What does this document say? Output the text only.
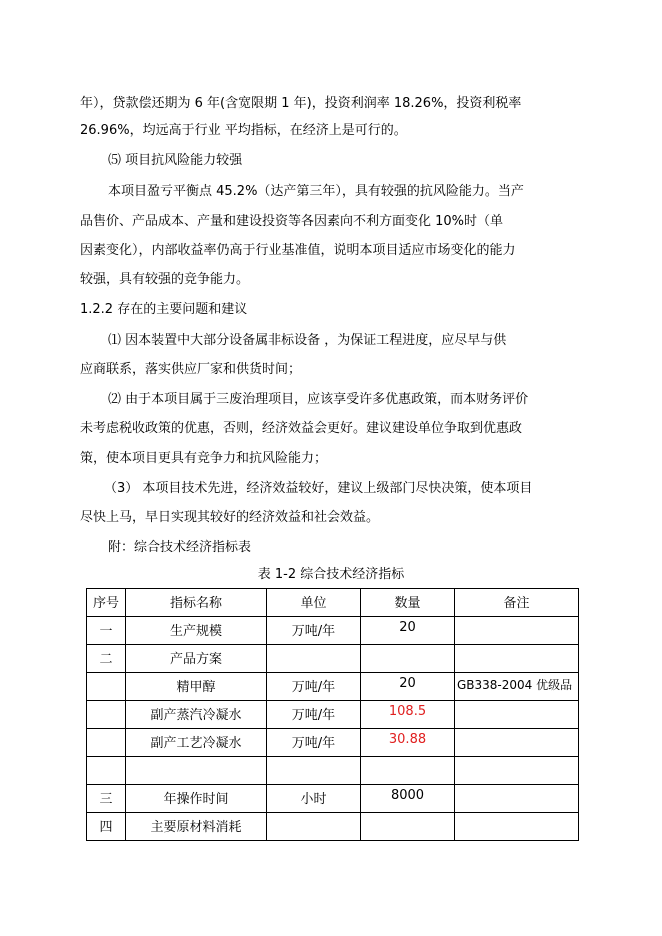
年），贷款偿还期为 6 年(含宽限期 1 年)，投资利润率 18.26%，投资利税率
26.96%，均远高于行业 平均指标，在经济上是可行的。
⑸ 项目抗风险能力较强
本项目盈亏平衡点 45.2%（达产第三年），具有较强的抗风险能力。当产
品售价、产品成本、产量和建设投资等各因素向不利方面变化 10%时（单
因素变化），内部收益率仍高于行业基准值，说明本项目适应市场变化的能力
较强，具有较强的竞争能力。
1.2.2 存在的主要问题和建议
⑴ 因本装置中大部分设备属非标设备 ，为保证工程进度，应尽早与供
应商联系，落实供应厂家和供货时间；
⑵ 由于本项目属于三废治理项目，应该享受许多优惠政策，而本财务评价
未考虑税收政策的优惠，否则，经济效益会更好。建议建设单位争取到优惠政
策，使本项目更具有竞争力和抗风险能力；
（3） 本项目技术先进，经济效益较好，建议上级部门尽快决策，使本项目
尽快上马，早日实现其较好的经济效益和社会效益。
附：综合技术经济指标表
表 1-2 综合技术经济指标
序号	指标名称	单位	数量	备注
一	生产规模	万吨/年	20	
二	产品方案			
	精甲醇	万吨/年	20	GB338-2004 优级品
	副产蒸汽冷凝水	万吨/年	108.5	
	副产工艺冷凝水	万吨/年	30.88	

三	年操作时间	小时	8000	
四	主要原材料消耗			
